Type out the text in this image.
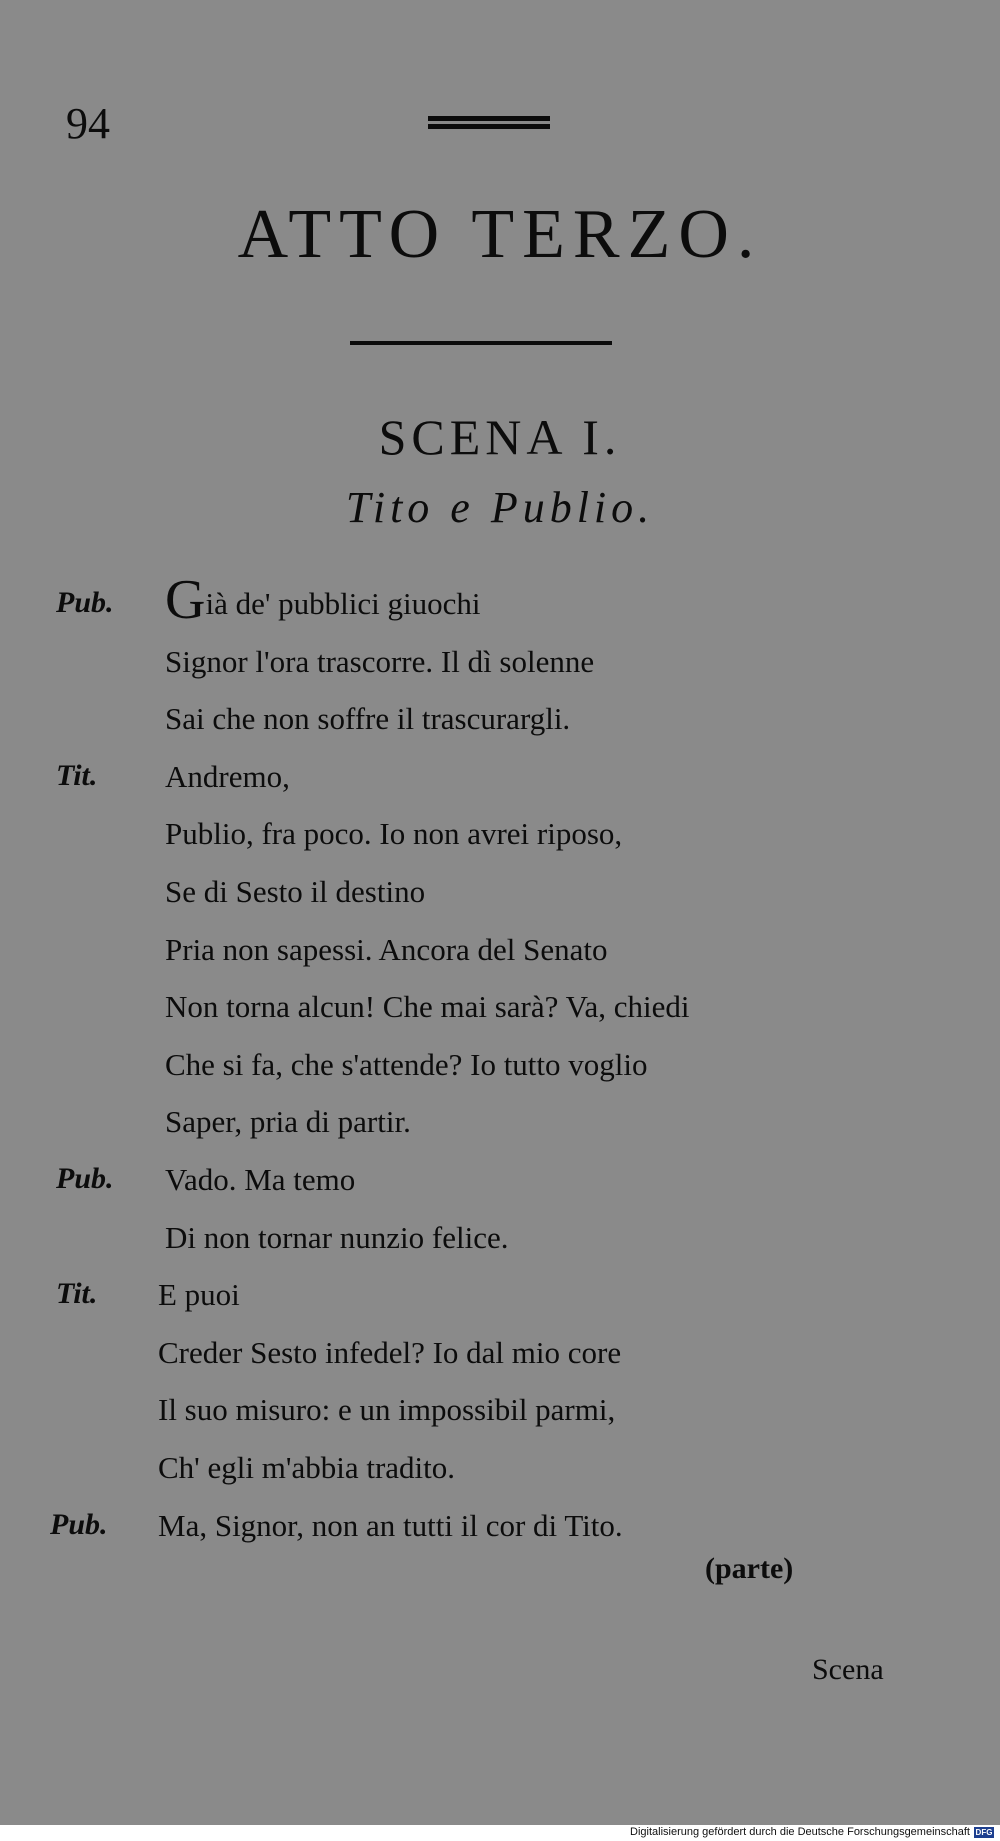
94
ATTO TERZO.
SCENA I.
Tito e Publio.
Pub. Già de' pubblici giuochi
Signor l'ora trascorre. Il dì solenne
Sai che non soffre il trascurargli.
Tit. Andremo,
Publio, fra poco. Io non avrei riposo,
Se di Sesto il destino
Pria non sapessi. Ancora del Senato
Non torna alcun! Che mai sarà? Va, chiedi
Che si fa, che s'attende? Io tutto voglio
Saper, pria di partir.
Pub. Vado. Ma temo
Di non tornar nunzio felice.
Tit. E puoi
Creder Sesto infedel? Io dal mio core
Il suo misuro: e un impossibil parmi,
Ch' egli m'abbia tradito.
Pub. Ma, Signor, non an tutti il cor di Tito.
(parte)
Scena
Digitalisierung gefördert durch die Deutsche Forschungsgemeinschaft DFG
